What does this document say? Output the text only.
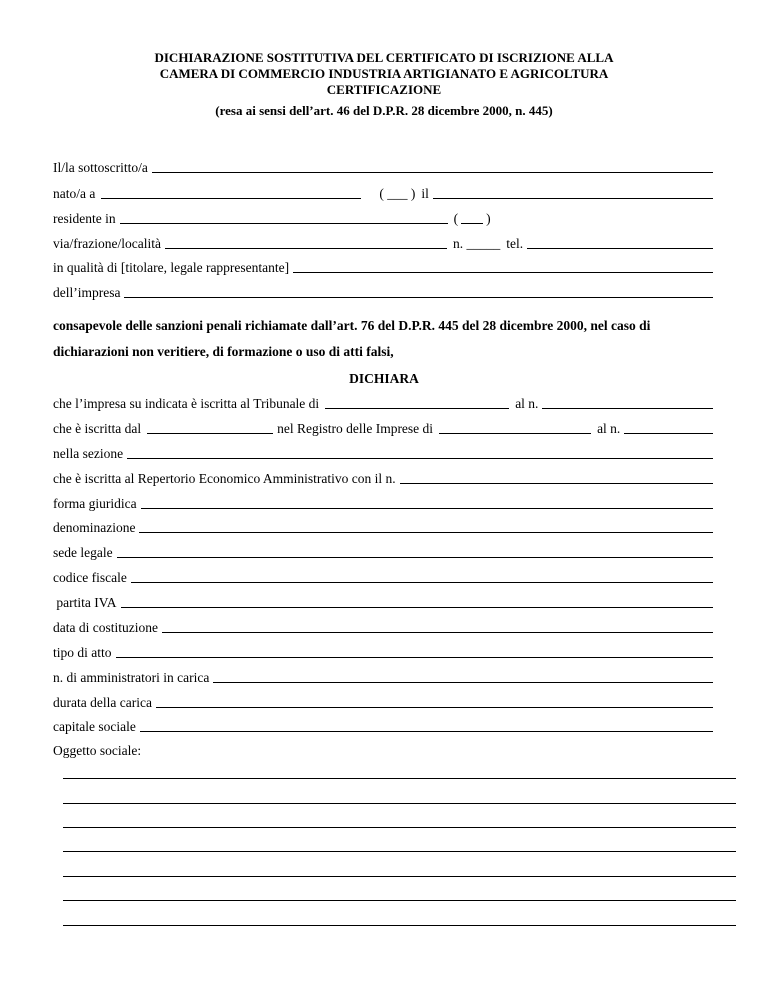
DICHIARAZIONE SOSTITUTIVA DEL CERTIFICATO DI ISCRIZIONE ALLA
CAMERA DI COMMERCIO INDUSTRIA ARTIGIANATO E AGRICOLTURA
CERTIFICAZIONE
(resa ai sensi dell’art. 46 del D.P.R. 28 dicembre 2000, n. 445)
Il/la sottoscritto/a
nato/a a	( ___ ) il
residente in	( )
via/frazione/località	n. _____ tel.
in qualità di [titolare, legale rappresentante]
dell’impresa
consapevole delle sanzioni penali richiamate dall’art. 76 del D.P.R. 445 del 28 dicembre 2000, nel caso di dichiarazioni non veritiere, di formazione o uso di atti falsi,
DICHIARA
che l’impresa su indicata è iscritta al Tribunale di	al n.
che è iscritta dal	nel Registro delle Imprese di	al n.
nella sezione
che è iscritta al Repertorio Economico Amministrativo con il n.
forma giuridica
denominazione
sede legale
codice fiscale
partita IVA
data di costituzione
tipo di atto
n. di amministratori in carica
durata della carica
capitale sociale
Oggetto sociale:
